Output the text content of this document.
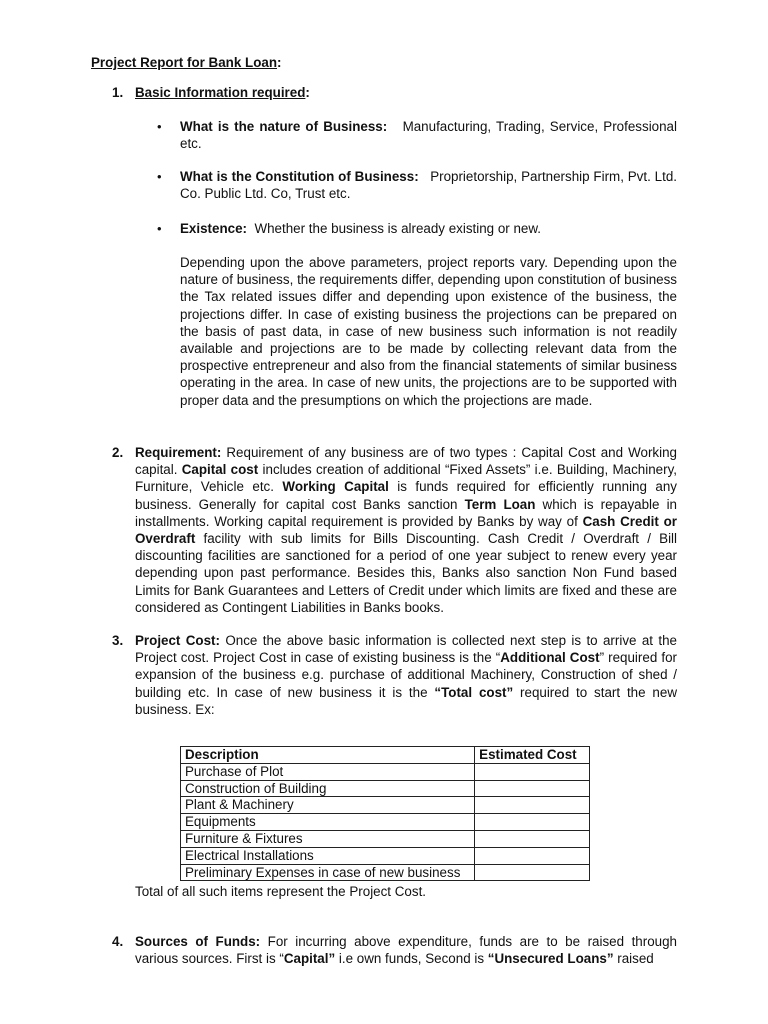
Project Report for Bank Loan:
1. Basic Information required:
• What is the nature of Business: Manufacturing, Trading, Service, Professional etc.
• What is the Constitution of Business: Proprietorship, Partnership Firm, Pvt. Ltd. Co. Public Ltd. Co, Trust etc.
• Existence: Whether the business is already existing or new.
Depending upon the above parameters, project reports vary. Depending upon the nature of business, the requirements differ, depending upon constitution of business the Tax related issues differ and depending upon existence of the business, the projections differ. In case of existing business the projections can be prepared on the basis of past data, in case of new business such information is not readily available and projections are to be made by collecting relevant data from the prospective entrepreneur and also from the financial statements of similar business operating in the area. In case of new units, the projections are to be supported with proper data and the presumptions on which the projections are made.
2. Requirement: Requirement of any business are of two types : Capital Cost and Working capital. Capital cost includes creation of additional “Fixed Assets” i.e. Building, Machinery, Furniture, Vehicle etc. Working Capital is funds required for efficiently running any business. Generally for capital cost Banks sanction Term Loan which is repayable in installments. Working capital requirement is provided by Banks by way of Cash Credit or Overdraft facility with sub limits for Bills Discounting. Cash Credit / Overdraft / Bill discounting facilities are sanctioned for a period of one year subject to renew every year depending upon past performance. Besides this, Banks also sanction Non Fund based Limits for Bank Guarantees and Letters of Credit under which limits are fixed and these are considered as Contingent Liabilities in Banks books.
3. Project Cost: Once the above basic information is collected next step is to arrive at the Project cost. Project Cost in case of existing business is the “Additional Cost” required for expansion of the business e.g. purchase of additional Machinery, Construction of shed / building etc. In case of new business it is the “Total cost” required to start the new business. Ex:
Description	Estimated Cost
Purchase of Plot	
Construction of Building	
Plant & Machinery	
Equipments	
Furniture & Fixtures	
Electrical Installations	
Preliminary Expenses in case of new business	
Total of all such items represent the Project Cost.
4. Sources of Funds: For incurring above expenditure, funds are to be raised through various sources. First is “Capital” i.e own funds, Second is “Unsecured Loans” raised
